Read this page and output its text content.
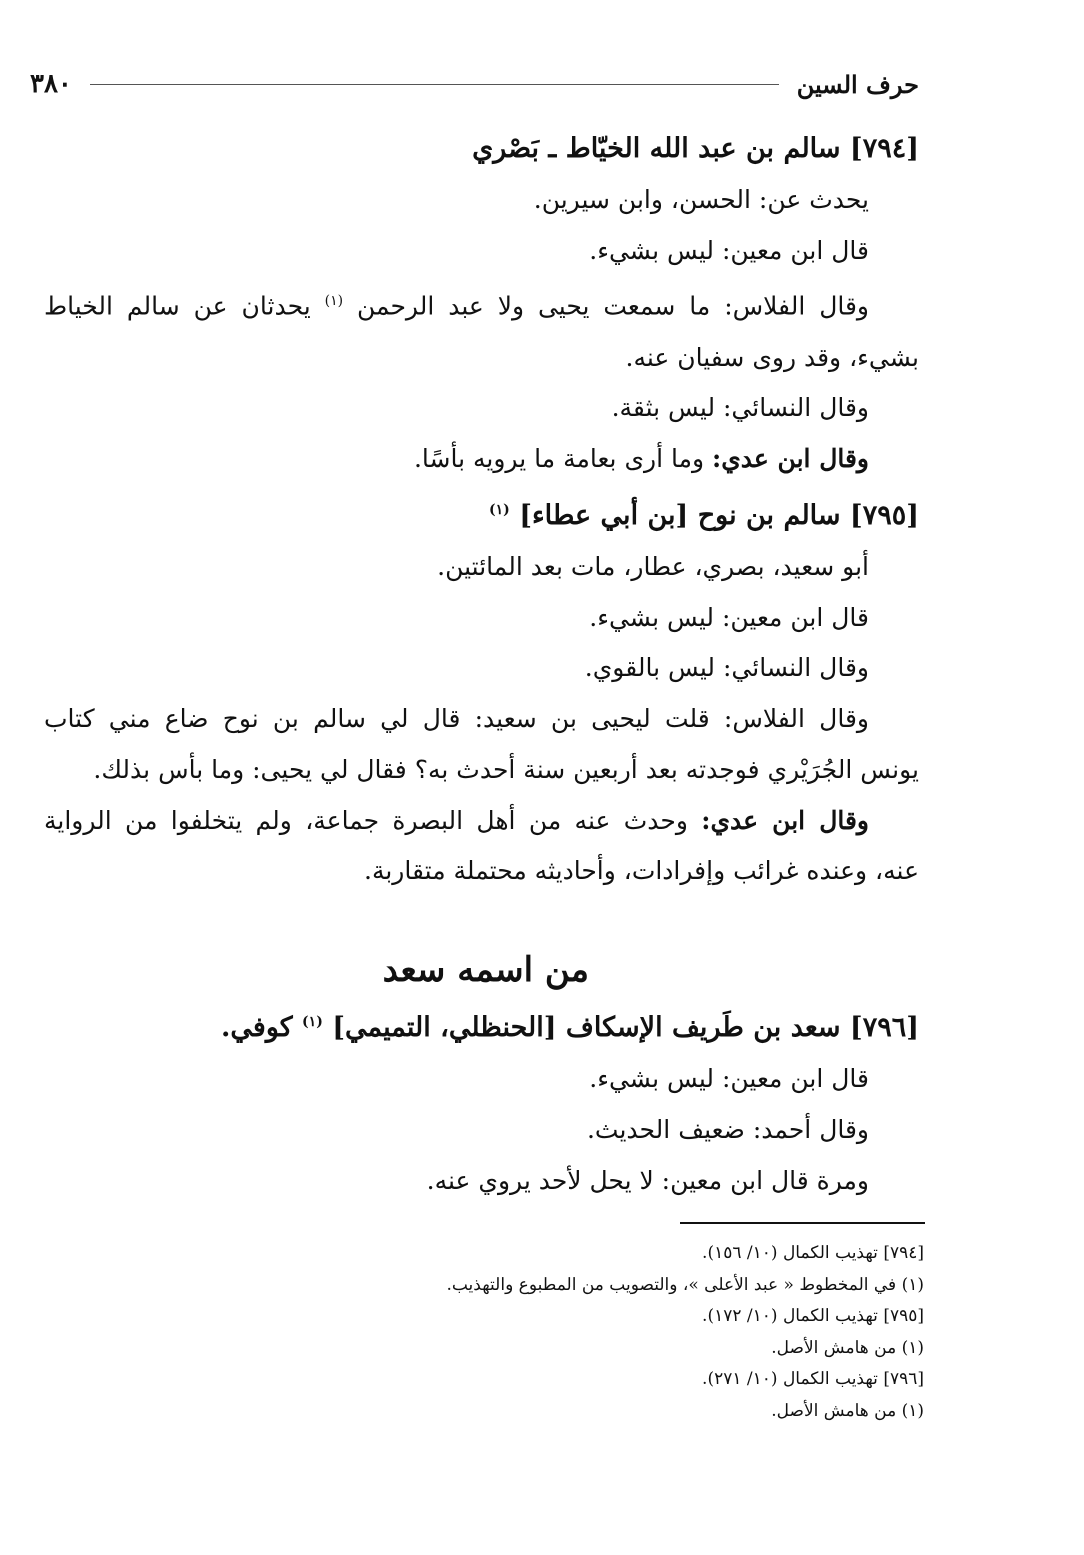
حرف السين
٣٨٠
[٧٩٤] سالم بن عبد الله الخيّاط ـ بَصْري
يحدث عن: الحسن، وابن سيرين.
قال ابن معين: ليس بشيء.
وقال الفلاس: ما سمعت يحيى ولا عبد الرحمن $^{(١)}$ يحدثان عن سالم الخياط
بشيء، وقد روى سفيان عنه.
وقال النسائي: ليس بثقة.
وقال ابن عدي: وما أرى بعامة ما يرويه بأسًا.
[٧٩٥] سالم بن نوح [بن أبي عطاء] $^{(١)}$
أبو سعيد، بصري، عطار، مات بعد المائتين.
قال ابن معين: ليس بشيء.
وقال النسائي: ليس بالقوي.
وقال الفلاس: قلت ليحيى بن سعيد: قال لي سالم بن نوح ضاع مني كتاب
يونس الجُرَيْري فوجدته بعد أربعين سنة أحدث به؟ فقال لي يحيى: وما بأس بذلك.
وقال ابن عدي: وحدث عنه من أهل البصرة جماعة، ولم يتخلفوا من الرواية
عنه، وعنده غرائب وإفرادات، وأحاديثه محتملة متقاربة.
من اسمه سعد
[٧٩٦] سعد بن طَريف الإسكاف [الحنظلي، التميمي] $^{(١)}$ كوفي.
قال ابن معين: ليس بشيء.
وقال أحمد: ضعيف الحديث.
ومرة قال ابن معين: لا يحل لأحد يروي عنه.
[٧٩٤] تهذيب الكمال (١٠/ ١٥٦).
(١) في المخطوط « عبد الأعلى »، والتصويب من المطبوع والتهذيب.
[٧٩٥] تهذيب الكمال (١٠/ ١٧٢).
(١) من هامش الأصل.
[٧٩٦] تهذيب الكمال (١٠/ ٢٧١).
(١) من هامش الأصل.
